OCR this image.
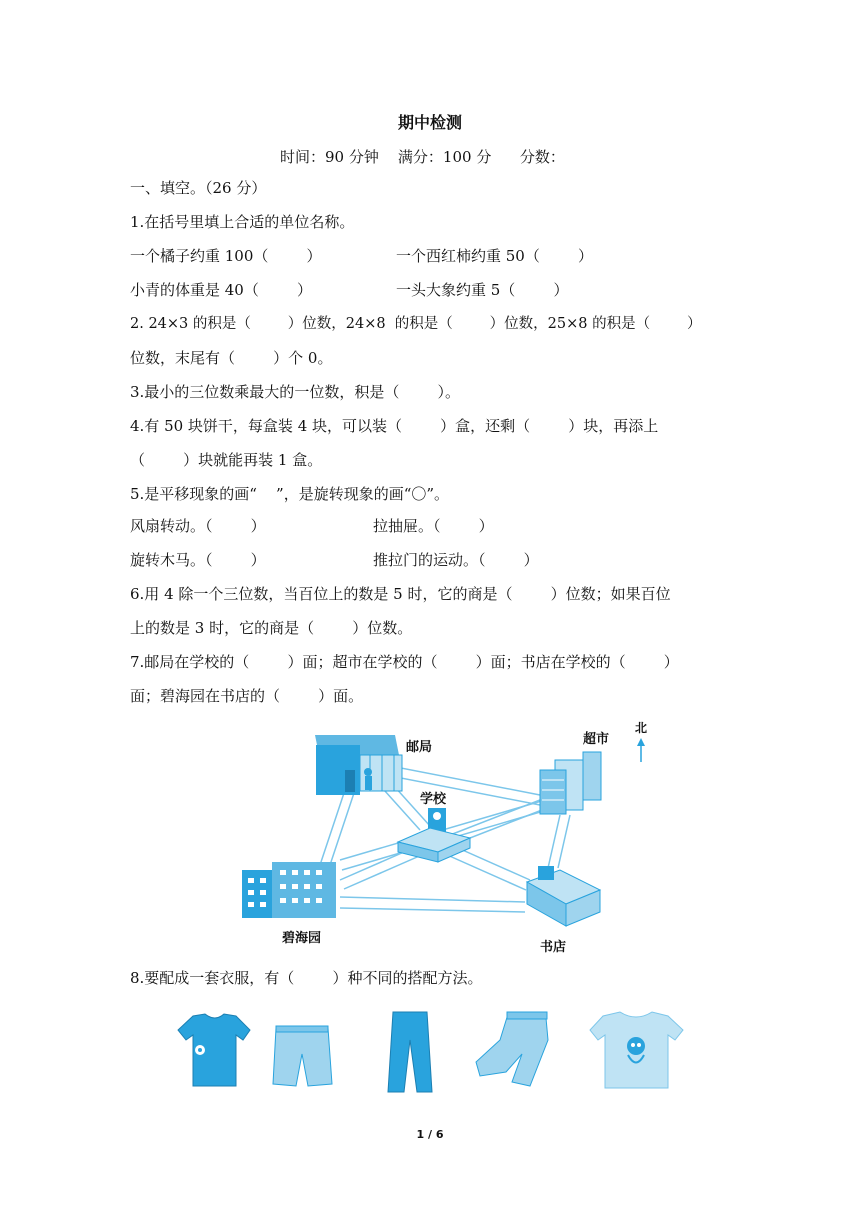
期中检测
时间：90 分钟    满分：100 分      分数：
一、填空。（26 分）
1.在括号里填上合适的单位名称。
一个橘子约重 100（        ）	一个西红柿约重 50（        ）
小青的体重是 40（        ）	一头大象约重 5（        ）
2. 24×3 的积是（        ）位数，24×8  的积是（        ）位数，25×8 的积是（        ）
位数，末尾有（        ）个 0。
3.最小的三位数乘最大的一位数，积是（        ）。
4.有 50 块饼干，每盒装 4 块，可以装（        ）盒，还剩（        ）块，再添上
（        ）块就能再装 1 盒。
5.是平移现象的画“    ”，是旋转现象的画“〇”。
风扇转动。（        ）	拉抽屉。（        ）
旋转木马。（        ）	推拉门的运动。（        ）
6.用 4 除一个三位数，当百位上的数是 5 时，它的商是（        ）位数；如果百位
上的数是 3 时，它的商是（        ）位数。
7.邮局在学校的（        ）面；超市在学校的（        ）面；书店在学校的（        ）
面；碧海园在书店的（        ）面。
邮局
超市
学校
碧海园
书店
北
8.要配成一套衣服，有（        ）种不同的搭配方法。
1 / 6
